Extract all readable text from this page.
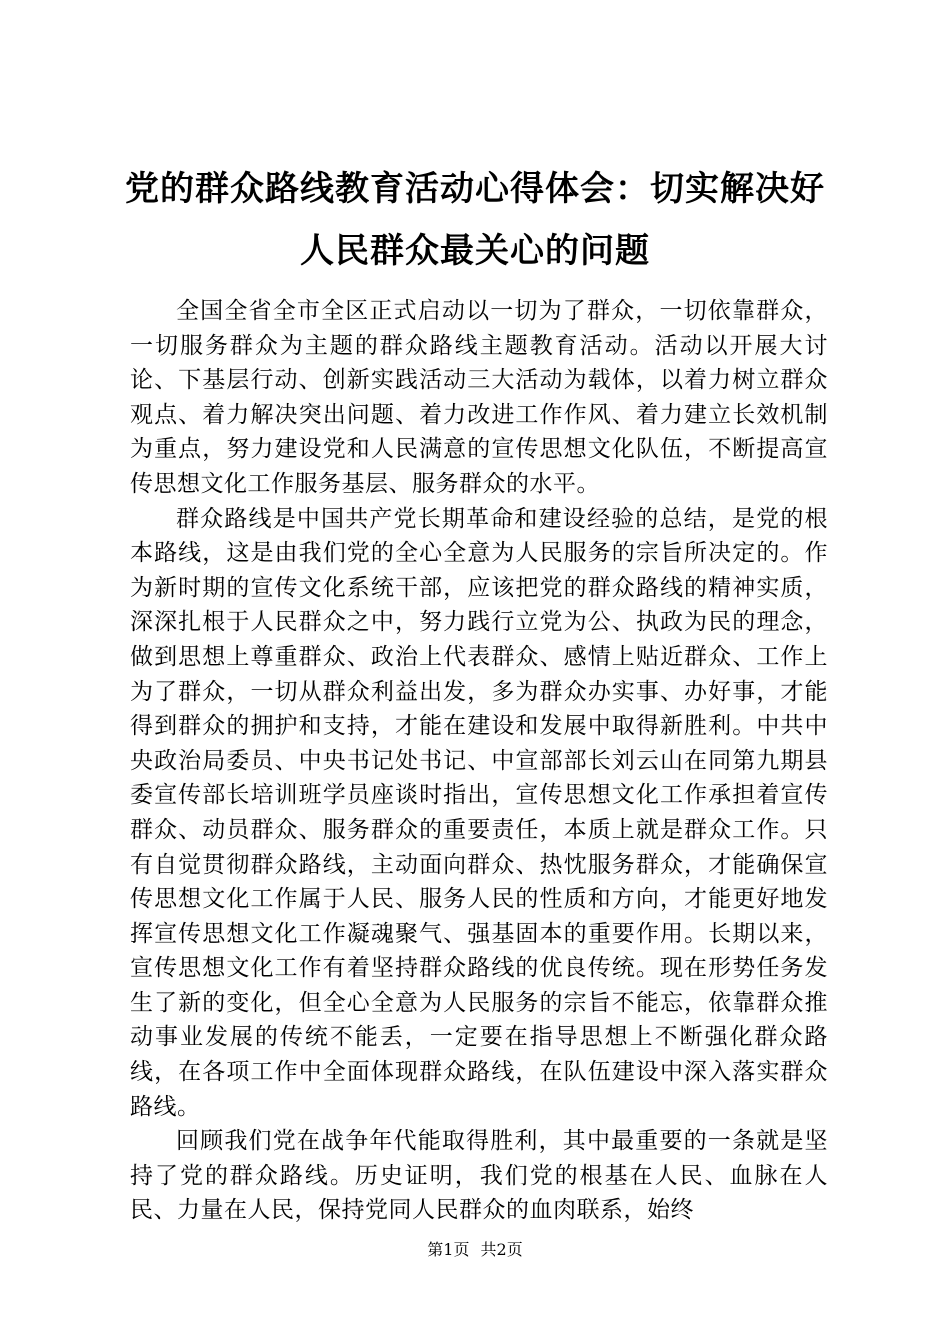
党的群众路线教育活动心得体会：切实解决好
人民群众最关心的问题

全国全省全市全区正式启动以一切为了群众，一切依靠群众，一切服务群众为主题的群众路线主题教育活动。活动以开展大讨论、下基层行动、创新实践活动三大活动为载体，以着力树立群众观点、着力解决突出问题、着力改进工作作风、着力建立长效机制为重点，努力建设党和人民满意的宣传思想文化队伍，不断提高宣传思想文化工作服务基层、服务群众的水平。

群众路线是中国共产党长期革命和建设经验的总结，是党的根本路线，这是由我们党的全心全意为人民服务的宗旨所决定的。作为新时期的宣传文化系统干部，应该把党的群众路线的精神实质，深深扎根于人民群众之中，努力践行立党为公、执政为民的理念，做到思想上尊重群众、政治上代表群众、感情上贴近群众、工作上为了群众，一切从群众利益出发，多为群众办实事、办好事，才能得到群众的拥护和支持，才能在建设和发展中取得新胜利。中共中央政治局委员、中央书记处书记、中宣部部长刘云山在同第九期县委宣传部长培训班学员座谈时指出，宣传思想文化工作承担着宣传群众、动员群众、服务群众的重要责任，本质上就是群众工作。只有自觉贯彻群众路线，主动面向群众、热忱服务群众，才能确保宣传思想文化工作属于人民、服务人民的性质和方向，才能更好地发挥宣传思想文化工作凝魂聚气、强基固本的重要作用。长期以来，宣传思想文化工作有着坚持群众路线的优良传统。现在形势任务发生了新的变化，但全心全意为人民服务的宗旨不能忘，依靠群众推动事业发展的传统不能丢，一定要在指导思想上不断强化群众路线，在各项工作中全面体现群众路线，在队伍建设中深入落实群众路线。

回顾我们党在战争年代能取得胜利，其中最重要的一条就是坚持了党的群众路线。历史证明，我们党的根基在人民、血脉在人民、力量在人民，保持党同人民群众的血肉联系，始终

第1页 共2页
